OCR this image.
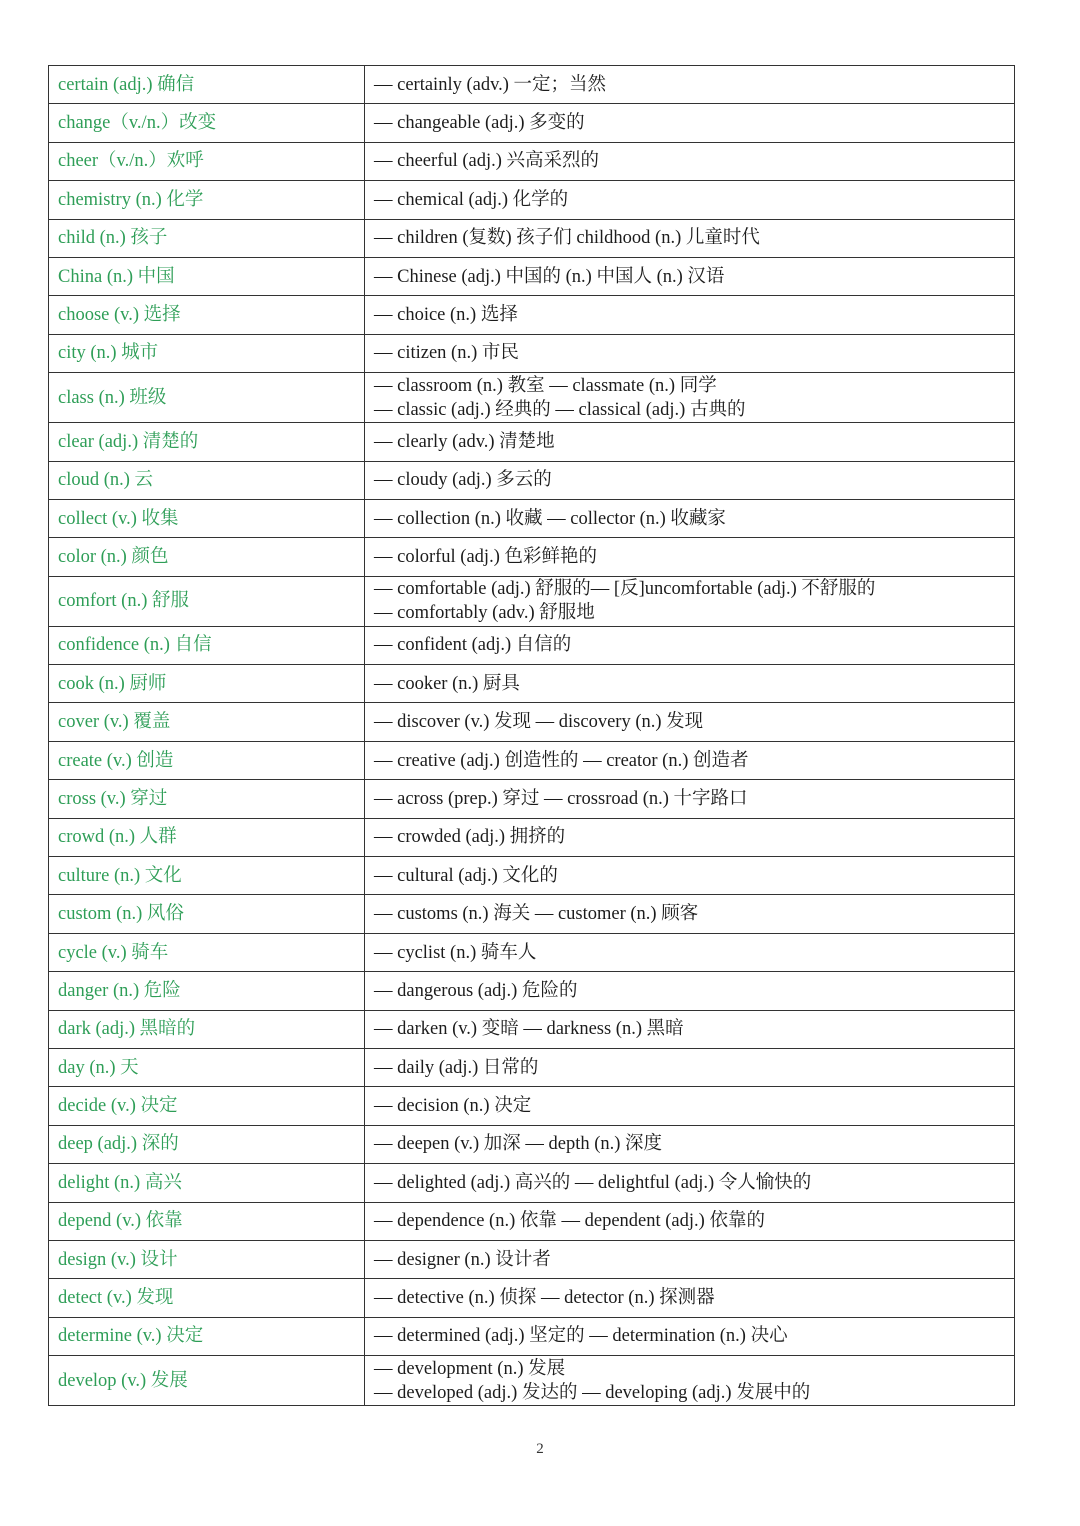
certain (adj.) 确信	— certainly (adv.) 一定；当然

change（v./n.）改变	— changeable (adj.) 多变的

cheer（v./n.）欢呼	— cheerful (adj.) 兴高采烈的

chemistry (n.) 化学	— chemical (adj.) 化学的

child (n.) 孩子	— children (复数) 孩子们 childhood (n.) 儿童时代

China (n.) 中国	— Chinese (adj.) 中国的 (n.) 中国人 (n.) 汉语

choose (v.) 选择	— choice (n.) 选择

city (n.) 城市	— citizen (n.) 市民

class (n.) 班级	— classroom (n.) 教室 — classmate (n.) 同学
— classic (adj.) 经典的 — classical (adj.) 古典的

clear (adj.) 清楚的	— clearly (adv.) 清楚地

cloud (n.) 云	— cloudy (adj.) 多云的

collect (v.) 收集	— collection (n.) 收藏 — collector (n.) 收藏家

color (n.) 颜色	— colorful (adj.) 色彩鲜艳的

comfort (n.) 舒服	— comfortable (adj.) 舒服的— [反]uncomfortable (adj.) 不舒服的
— comfortably (adv.) 舒服地

confidence (n.) 自信	— confident (adj.) 自信的

cook (n.) 厨师	— cooker (n.) 厨具

cover (v.) 覆盖	— discover (v.) 发现 — discovery (n.) 发现

create (v.) 创造	— creative (adj.) 创造性的 — creator (n.) 创造者

cross (v.) 穿过	— across (prep.) 穿过 — crossroad (n.) 十字路口

crowd (n.) 人群	— crowded (adj.) 拥挤的

culture (n.) 文化	— cultural (adj.) 文化的

custom (n.) 风俗	— customs (n.) 海关 — customer (n.) 顾客

cycle (v.) 骑车	— cyclist (n.) 骑车人

danger (n.) 危险	— dangerous (adj.) 危险的

dark (adj.) 黑暗的	— darken (v.) 变暗 — darkness (n.) 黑暗

day (n.) 天	— daily (adj.) 日常的

decide (v.) 决定	— decision (n.) 决定

deep (adj.) 深的	— deepen (v.) 加深 — depth (n.) 深度

delight (n.) 高兴	— delighted (adj.) 高兴的 — delightful (adj.) 令人愉快的

depend (v.) 依靠	— dependence (n.) 依靠 — dependent (adj.) 依靠的

design (v.) 设计	— designer (n.) 设计者

detect (v.) 发现	— detective (n.) 侦探 — detector (n.) 探测器

determine (v.) 决定	— determined (adj.) 坚定的 — determination (n.) 决心

develop (v.) 发展	— development (n.) 发展
— developed (adj.) 发达的 — developing (adj.) 发展中的
2
